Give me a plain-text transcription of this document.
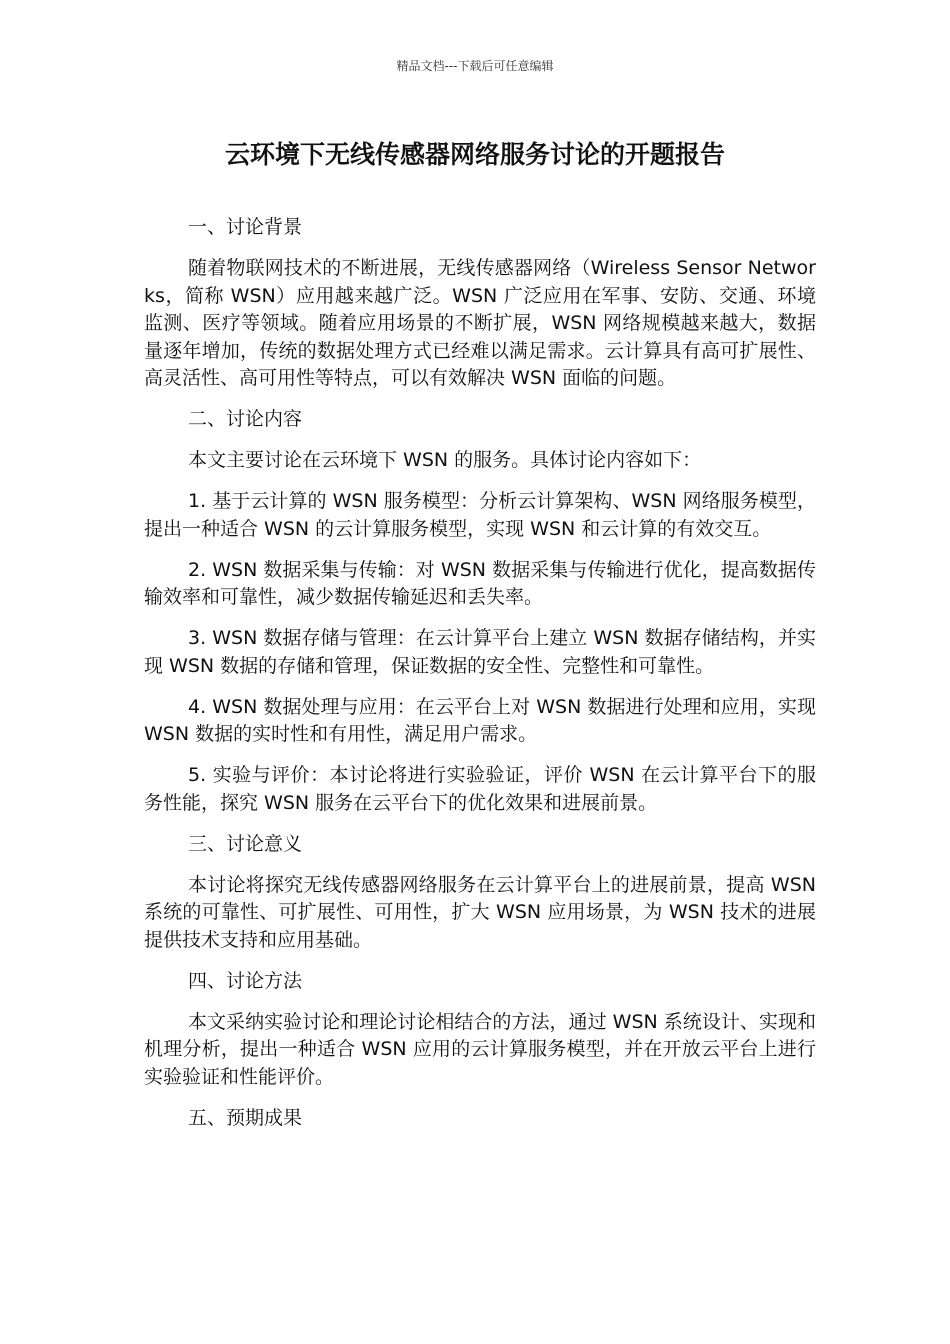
精品文档---下载后可任意编辑
云环境下无线传感器网络服务讨论的开题报告

一、讨论背景

随着物联网技术的不断进展，无线传感器网络（Wireless Sensor Networks，简称 WSN）应用越来越广泛。WSN 广泛应用在军事、安防、交通、环境监测、医疗等领域。随着应用场景的不断扩展，WSN 网络规模越来越大，数据量逐年增加，传统的数据处理方式已经难以满足需求。云计算具有高可扩展性、高灵活性、高可用性等特点，可以有效解决 WSN 面临的问题。

二、讨论内容

本文主要讨论在云环境下 WSN 的服务。具体讨论内容如下：

1. 基于云计算的 WSN 服务模型：分析云计算架构、WSN 网络服务模型，提出一种适合 WSN 的云计算服务模型，实现 WSN 和云计算的有效交互。

2. WSN 数据采集与传输：对 WSN 数据采集与传输进行优化，提高数据传输效率和可靠性，减少数据传输延迟和丢失率。

3. WSN 数据存储与管理：在云计算平台上建立 WSN 数据存储结构，并实现 WSN 数据的存储和管理，保证数据的安全性、完整性和可靠性。

4. WSN 数据处理与应用：在云平台上对 WSN 数据进行处理和应用，实现 WSN 数据的实时性和有用性，满足用户需求。

5. 实验与评价：本讨论将进行实验验证，评价 WSN 在云计算平台下的服务性能，探究 WSN 服务在云平台下的优化效果和进展前景。

三、讨论意义

本讨论将探究无线传感器网络服务在云计算平台上的进展前景，提高 WSN 系统的可靠性、可扩展性、可用性，扩大 WSN 应用场景，为 WSN 技术的进展提供技术支持和应用基础。

四、讨论方法

本文采纳实验讨论和理论讨论相结合的方法，通过 WSN 系统设计、实现和机理分析，提出一种适合 WSN 应用的云计算服务模型，并在开放云平台上进行实验验证和性能评价。

五、预期成果
